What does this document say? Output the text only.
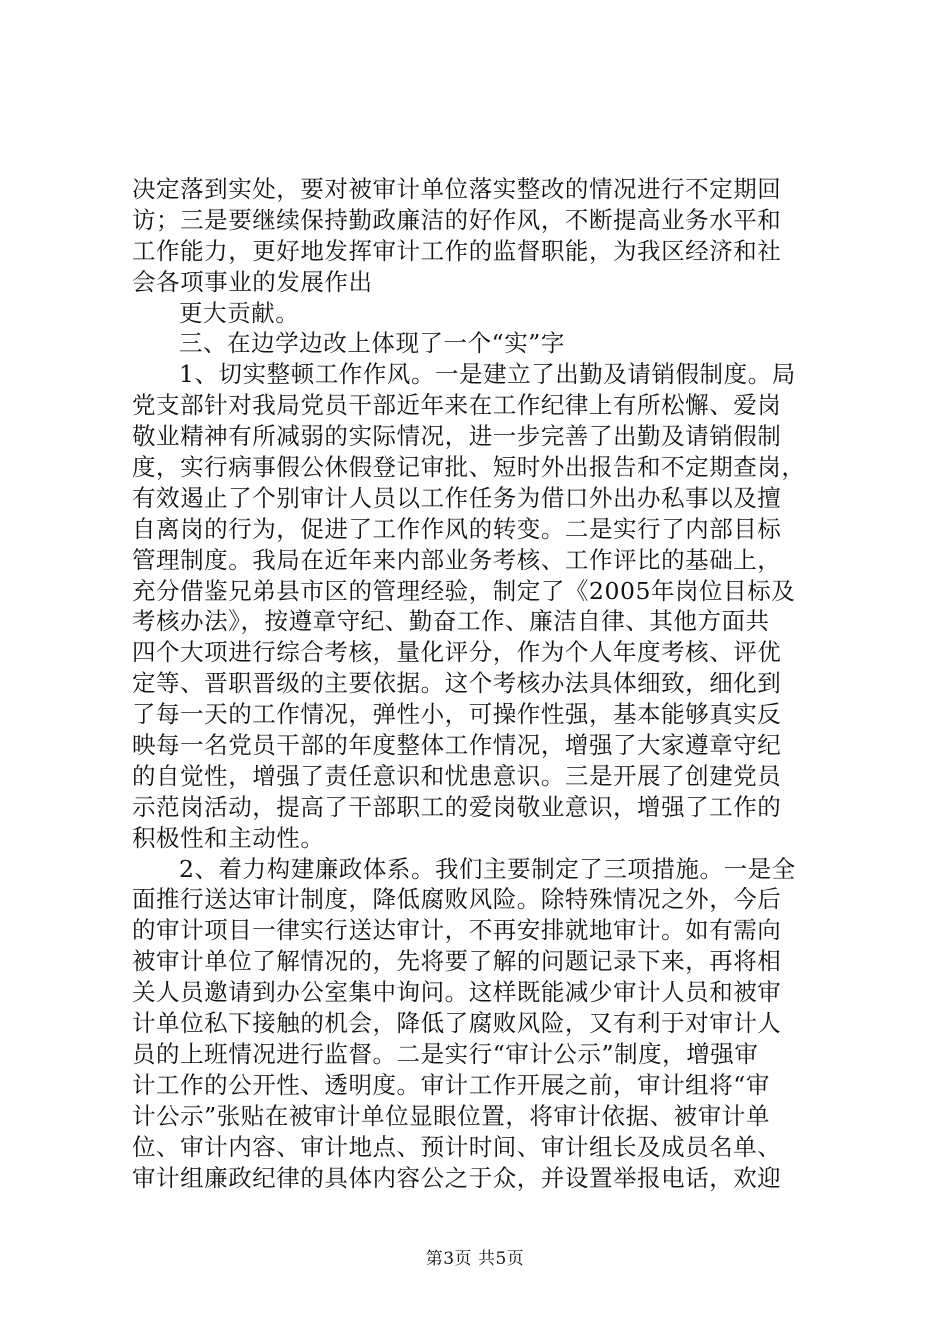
决定落到实处，要对被审计单位落实整改的情况进行不定期回
访；三是要继续保持勤政廉洁的好作风，不断提高业务水平和
工作能力，更好地发挥审计工作的监督职能，为我区经济和社
会各项事业的发展作出
更大贡献。
三、在边学边改上体现了一个“实”字
1、切实整顿工作作风。一是建立了出勤及请销假制度。局
党支部针对我局党员干部近年来在工作纪律上有所松懈、爱岗
敬业精神有所减弱的实际情况，进一步完善了出勤及请销假制
度，实行病事假公休假登记审批、短时外出报告和不定期查岗，
有效遏止了个别审计人员以工作任务为借口外出办私事以及擅
自离岗的行为，促进了工作作风的转变。二是实行了内部目标
管理制度。我局在近年来内部业务考核、工作评比的基础上，
充分借鉴兄弟县市区的管理经验，制定了《2005年岗位目标及
考核办法》，按遵章守纪、勤奋工作、廉洁自律、其他方面共
四个大项进行综合考核，量化评分，作为个人年度考核、评优
定等、晋职晋级的主要依据。这个考核办法具体细致，细化到
了每一天的工作情况，弹性小，可操作性强，基本能够真实反
映每一名党员干部的年度整体工作情况，增强了大家遵章守纪
的自觉性，增强了责任意识和忧患意识。三是开展了创建党员
示范岗活动，提高了干部职工的爱岗敬业意识，增强了工作的
积极性和主动性。
2、着力构建廉政体系。我们主要制定了三项措施。一是全
面推行送达审计制度，降低腐败风险。除特殊情况之外，今后
的审计项目一律实行送达审计，不再安排就地审计。如有需向
被审计单位了解情况的，先将要了解的问题记录下来，再将相
关人员邀请到办公室集中询问。这样既能减少审计人员和被审
计单位私下接触的机会，降低了腐败风险，又有利于对审计人
员的上班情况进行监督。二是实行“审计公示”制度，增强审
计工作的公开性、透明度。审计工作开展之前，审计组将“审
计公示”张贴在被审计单位显眼位置，将审计依据、被审计单
位、审计内容、审计地点、预计时间、审计组长及成员名单、
审计组廉政纪律的具体内容公之于众，并设置举报电话，欢迎
第3页 共5页
